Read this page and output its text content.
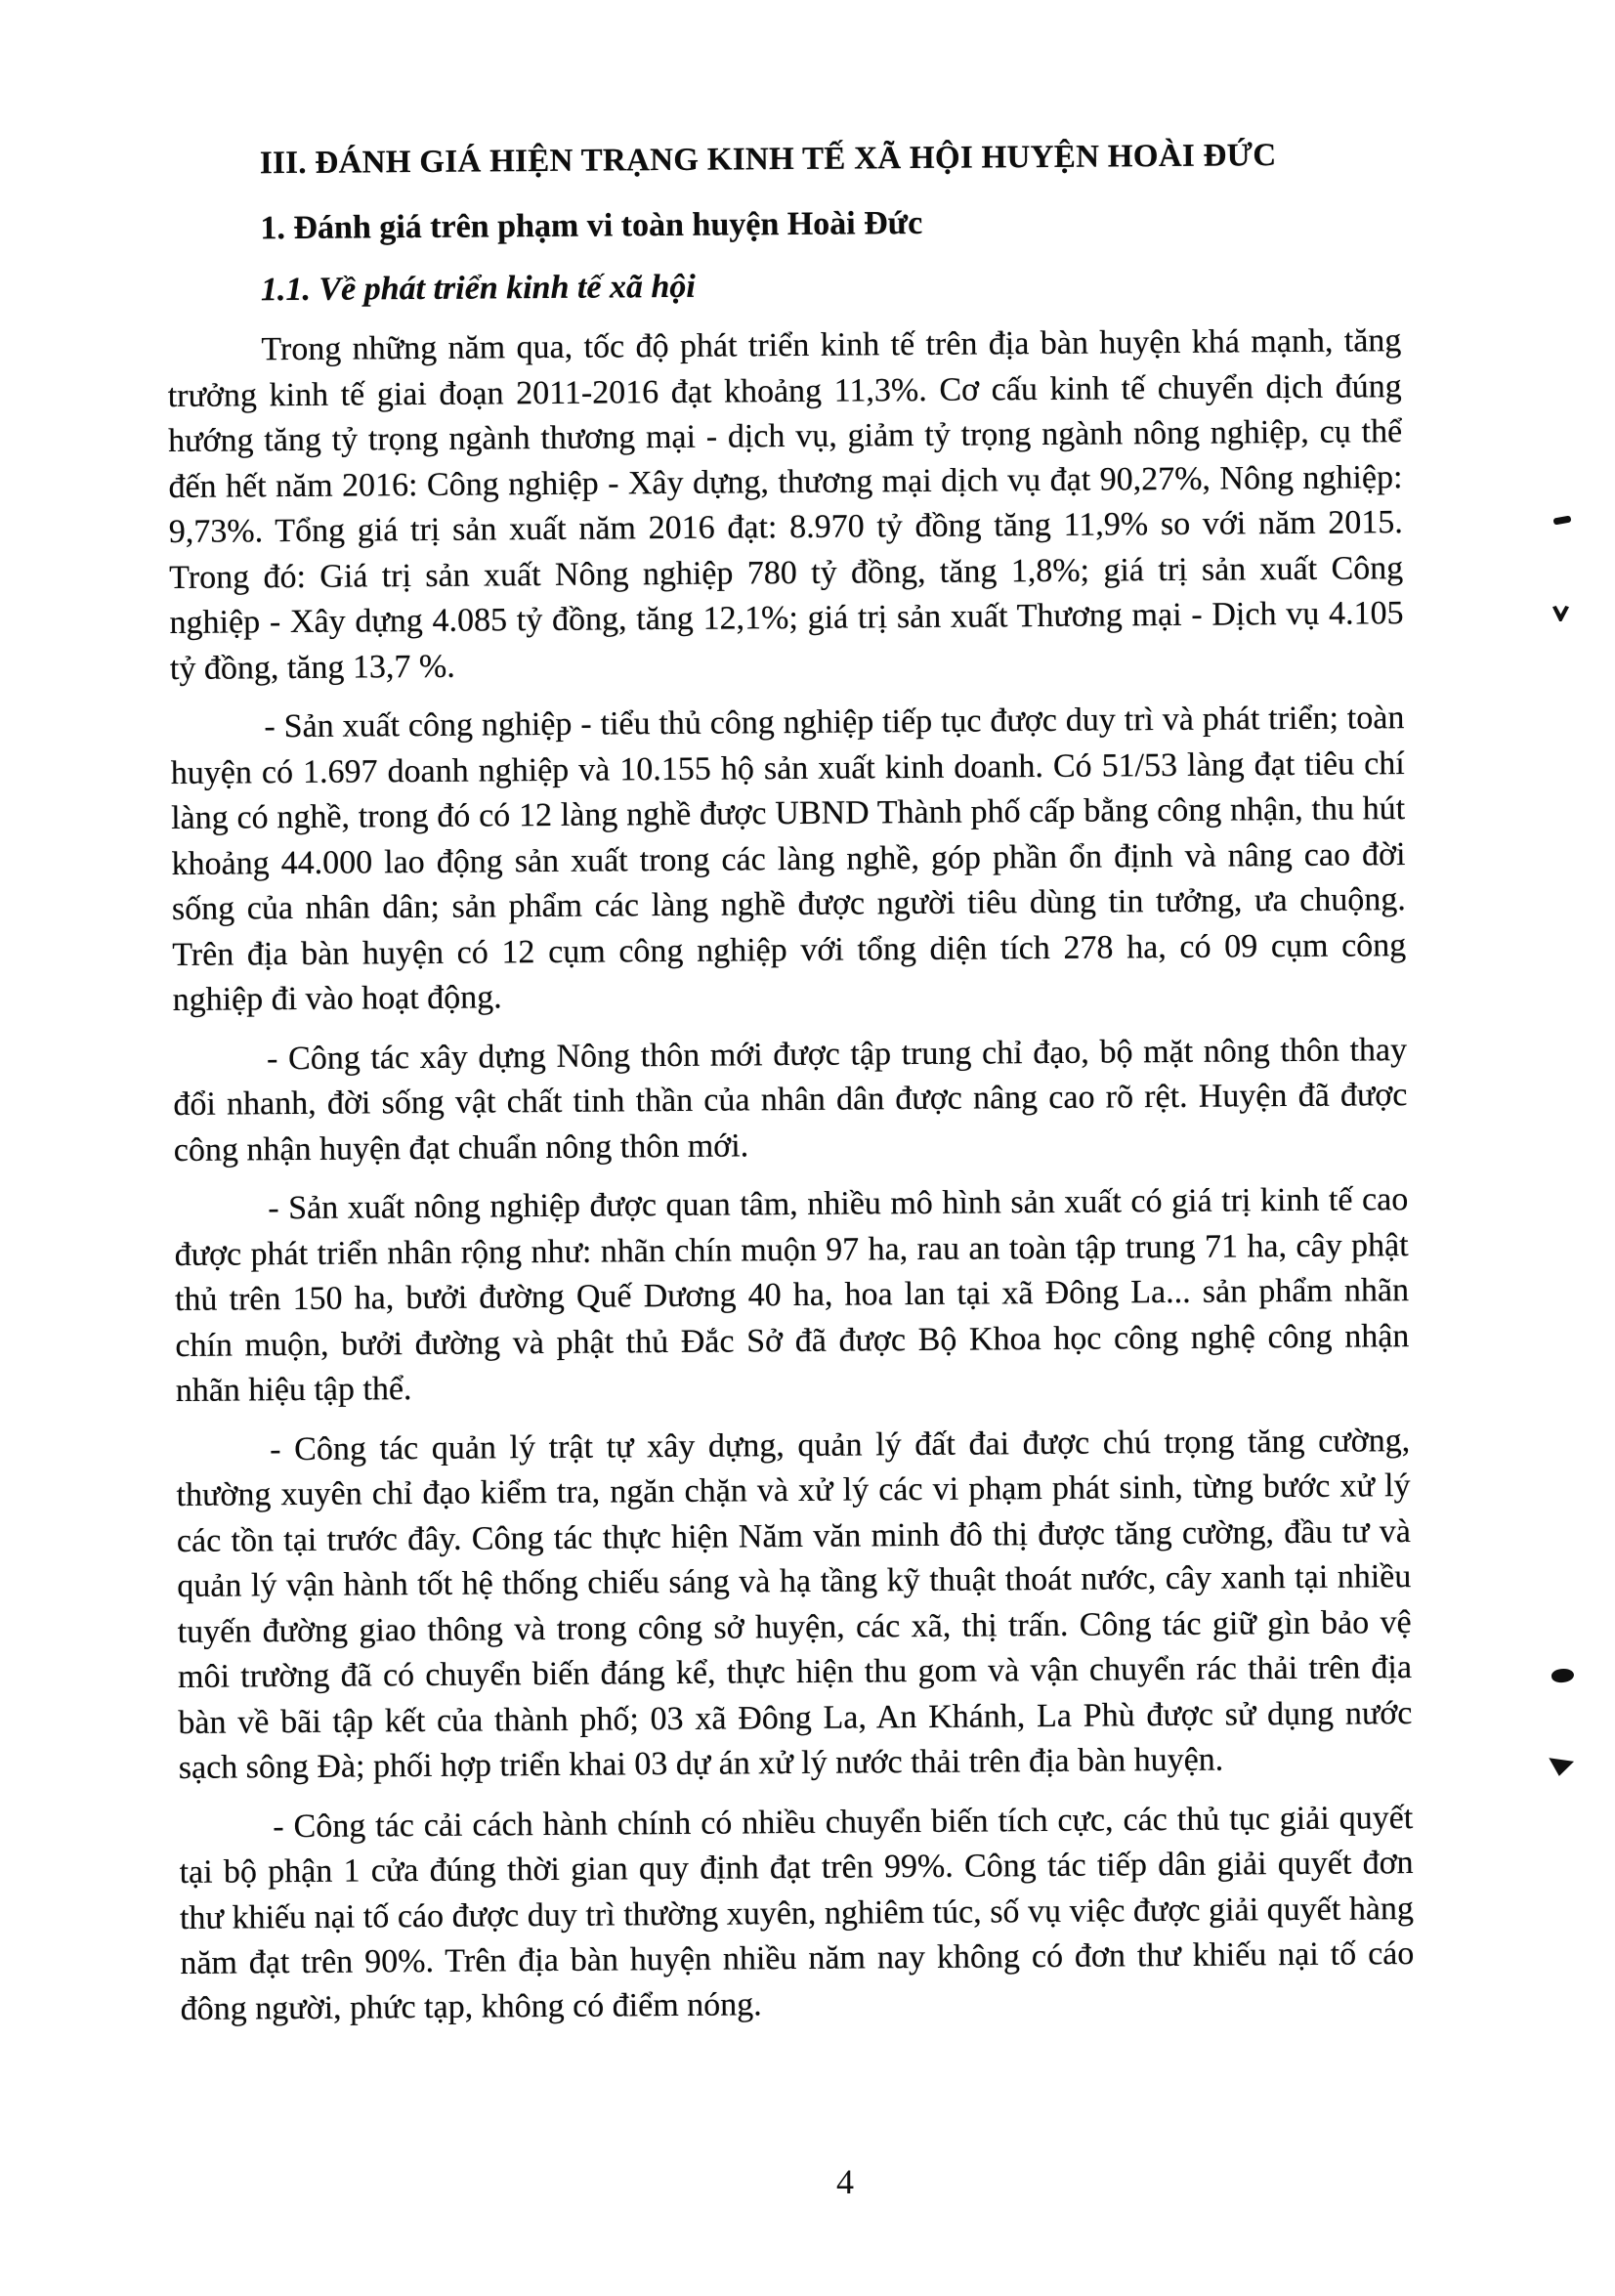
III. ĐÁNH GIÁ HIỆN TRẠNG KINH TẾ XÃ HỘI HUYỆN HOÀI ĐỨC
1. Đánh giá trên phạm vi toàn huyện Hoài Đức
1.1. Về phát triển kinh tế xã hội

Trong những năm qua, tốc độ phát triển kinh tế trên địa bàn huyện khá mạnh, tăng trưởng kinh tế giai đoạn 2011-2016 đạt khoảng 11,3%. Cơ cấu kinh tế chuyển dịch đúng hướng tăng tỷ trọng ngành thương mại - dịch vụ, giảm tỷ trọng ngành nông nghiệp, cụ thể đến hết năm 2016: Công nghiệp - Xây dựng, thương mại dịch vụ đạt 90,27%, Nông nghiệp: 9,73%. Tổng giá trị sản xuất năm 2016 đạt: 8.970 tỷ đồng tăng 11,9% so với năm 2015. Trong đó: Giá trị sản xuất Nông nghiệp 780 tỷ đồng, tăng 1,8%; giá trị sản xuất Công nghiệp - Xây dựng 4.085 tỷ đồng, tăng 12,1%; giá trị sản xuất Thương mại - Dịch vụ 4.105 tỷ đồng, tăng 13,7 %.

- Sản xuất công nghiệp - tiểu thủ công nghiệp tiếp tục được duy trì và phát triển; toàn huyện có 1.697 doanh nghiệp và 10.155 hộ sản xuất kinh doanh. Có 51/53 làng đạt tiêu chí làng có nghề, trong đó có 12 làng nghề được UBND Thành phố cấp bằng công nhận, thu hút khoảng 44.000 lao động sản xuất trong các làng nghề, góp phần ổn định và nâng cao đời sống của nhân dân; sản phẩm các làng nghề được người tiêu dùng tin tưởng, ưa chuộng. Trên địa bàn huyện có 12 cụm công nghiệp với tổng diện tích 278 ha, có 09 cụm công nghiệp đi vào hoạt động.

- Công tác xây dựng Nông thôn mới được tập trung chỉ đạo, bộ mặt nông thôn thay đổi nhanh, đời sống vật chất tinh thần của nhân dân được nâng cao rõ rệt. Huyện đã được công nhận huyện đạt chuẩn nông thôn mới.

- Sản xuất nông nghiệp được quan tâm, nhiều mô hình sản xuất có giá trị kinh tế cao được phát triển nhân rộng như: nhãn chín muộn 97 ha, rau an toàn tập trung 71 ha, cây phật thủ trên 150 ha, bưởi đường Quế Dương 40 ha, hoa lan tại xã Đông La... sản phẩm nhãn chín muộn, bưởi đường và phật thủ Đắc Sở đã được Bộ Khoa học công nghệ công nhận nhãn hiệu tập thể.

- Công tác quản lý trật tự xây dựng, quản lý đất đai được chú trọng tăng cường, thường xuyên chỉ đạo kiểm tra, ngăn chặn và xử lý các vi phạm phát sinh, từng bước xử lý các tồn tại trước đây. Công tác thực hiện Năm văn minh đô thị được tăng cường, đầu tư và quản lý vận hành tốt hệ thống chiếu sáng và hạ tầng kỹ thuật thoát nước, cây xanh tại nhiều tuyến đường giao thông và trong công sở huyện, các xã, thị trấn. Công tác giữ gìn bảo vệ môi trường đã có chuyển biến đáng kể, thực hiện thu gom và vận chuyển rác thải trên địa bàn về bãi tập kết của thành phố; 03 xã Đông La, An Khánh, La Phù được sử dụng nước sạch sông Đà; phối hợp triển khai 03 dự án xử lý nước thải trên địa bàn huyện.

- Công tác cải cách hành chính có nhiều chuyển biến tích cực, các thủ tục giải quyết tại bộ phận 1 cửa đúng thời gian quy định đạt trên 99%. Công tác tiếp dân giải quyết đơn thư khiếu nại tố cáo được duy trì thường xuyên, nghiêm túc, số vụ việc được giải quyết hàng năm đạt trên 90%. Trên địa bàn huyện nhiều năm nay không có đơn thư khiếu nại tố cáo đông người, phức tạp, không có điểm nóng.

4
